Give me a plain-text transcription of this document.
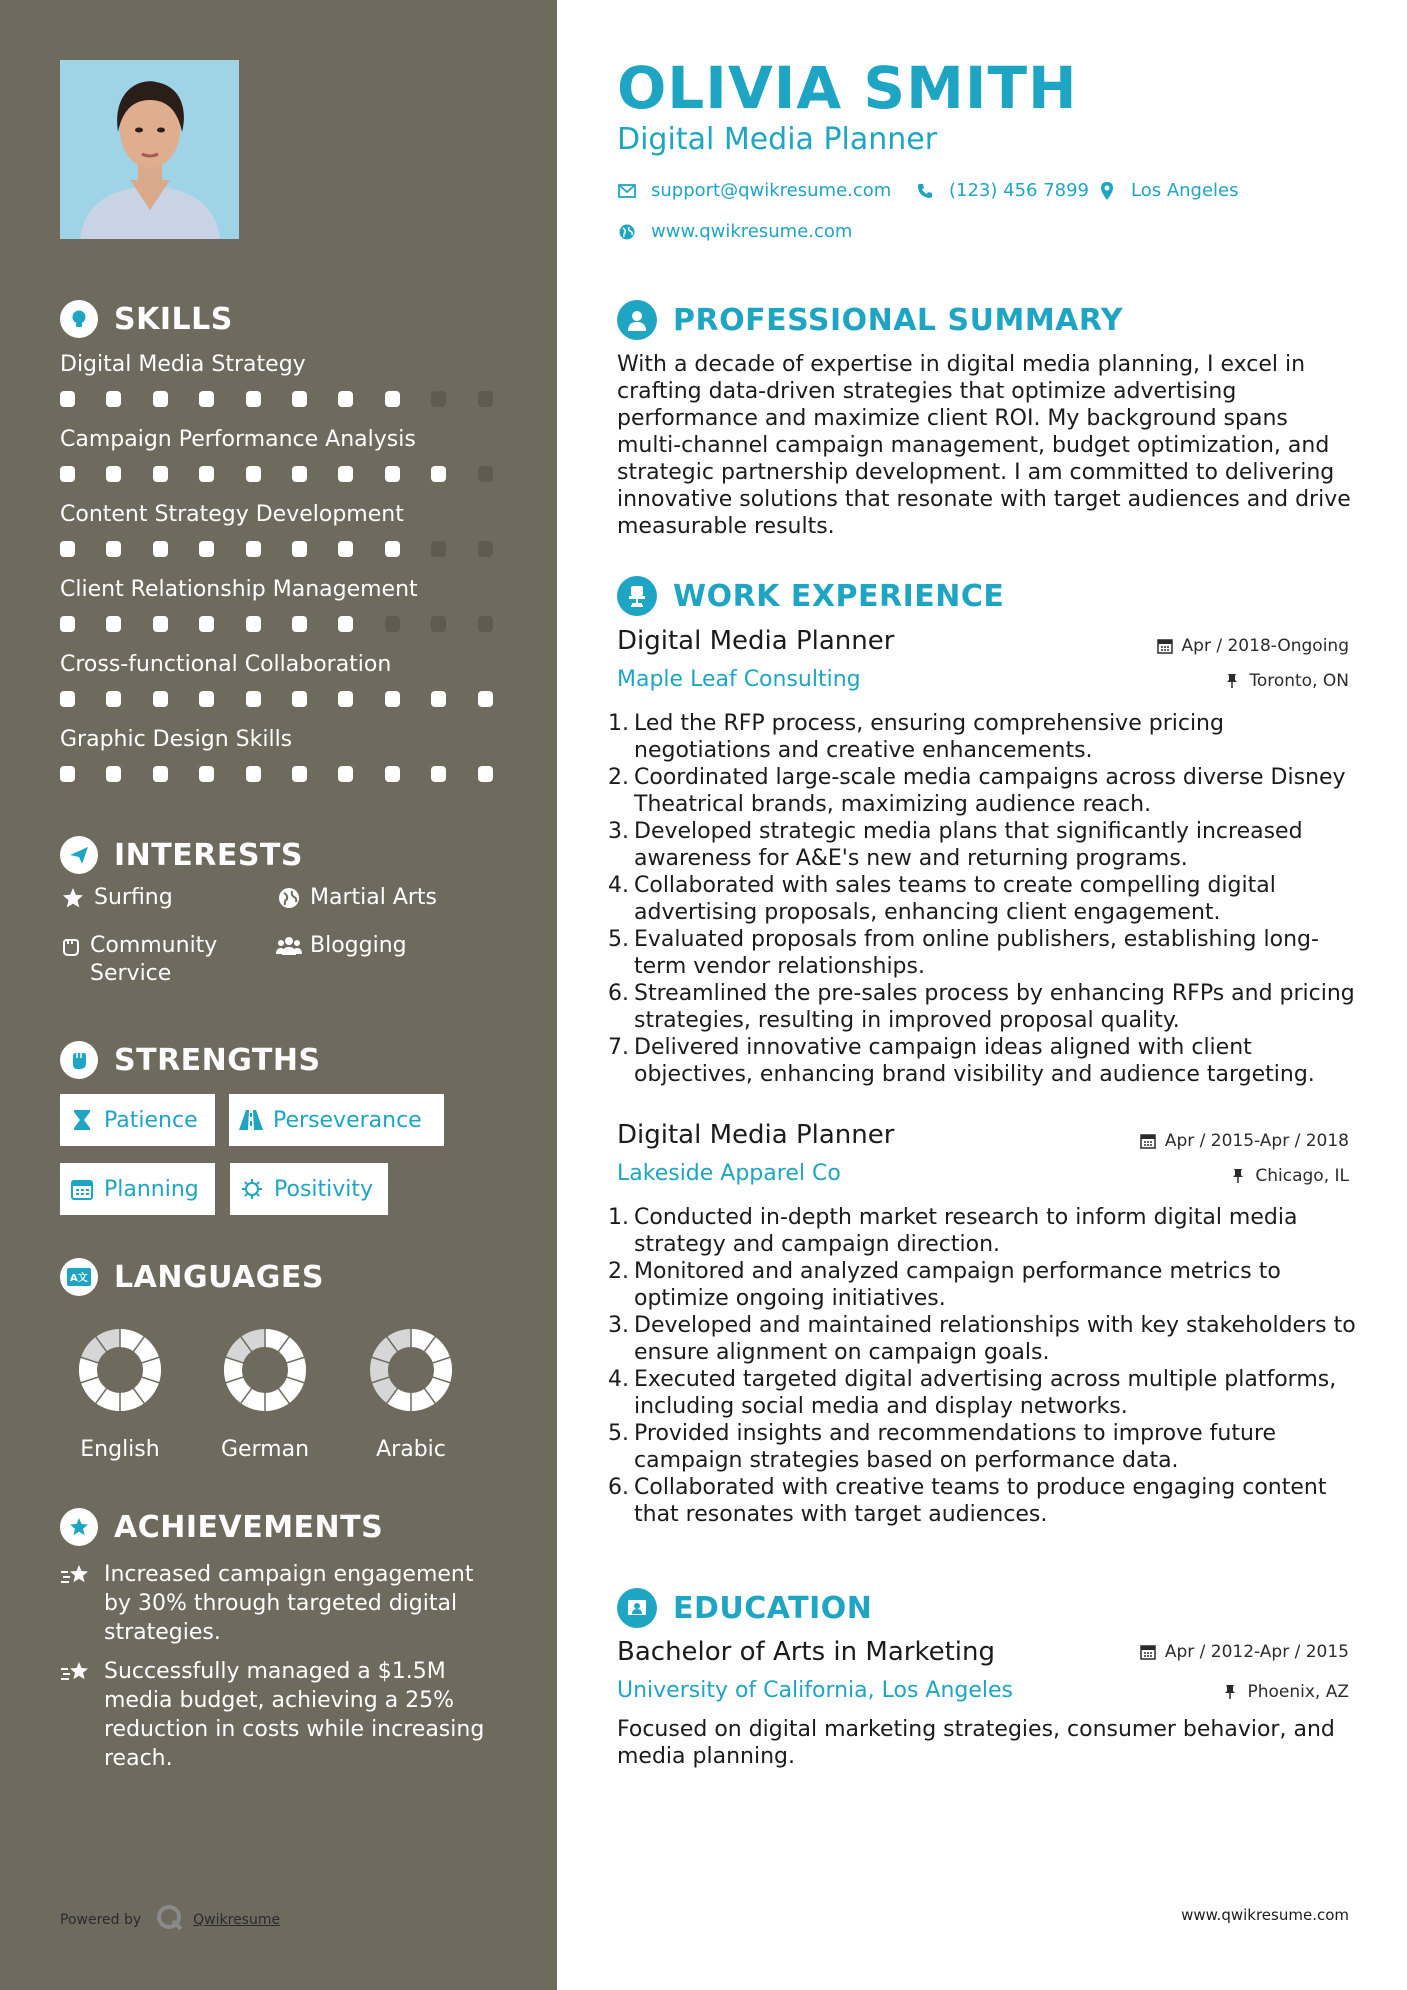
SKILLS
Digital Media Strategy
Campaign Performance Analysis
Content Strategy Development
Client Relationship Management
Cross-functional Collaboration
Graphic Design Skills
INTERESTS
Surfing	Martial Arts
Community Service
Blogging
STRENGTHS
Patience	Perseverance
Planning	Positivity
A文 LANGUAGES
English	German	Arabic
ACHIEVEMENTS
Increased campaign engagement by 30% through targeted digital strategies.
Successfully managed a $1.5M media budget, achieving a 25% reduction in costs while increasing reach.
Powered by	Qwikresume
OLIVIA SMITH
Digital Media Planner
support@qwikresume.com	(123) 456 7899 Los Angeles
www.qwikresume.com
PROFESSIONAL SUMMARY
With a decade of expertise in digital media planning, I excel in crafting data-driven strategies that optimize advertising performance and maximize client ROI. My background spans multi-channel campaign management, budget optimization, and strategic partnership development. I am committed to delivering innovative solutions that resonate with target audiences and drive measurable results.
WORK EXPERIENCE
Digital Media Planner	Apr / 2018-Ongoing
Maple Leaf Consulting	Toronto, ON
1. Led the RFP process, ensuring comprehensive pricing negotiations and creative enhancements.
2. Coordinated large-scale media campaigns across diverse Disney Theatrical brands, maximizing audience reach.
3. Developed strategic media plans that significantly increased awareness for A&E's new and returning programs.
4. Collaborated with sales teams to create compelling digital advertising proposals, enhancing client engagement.
5. Evaluated proposals from online publishers, establishing long-term vendor relationships.
6. Streamlined the pre-sales process by enhancing RFPs and pricing strategies, resulting in improved proposal quality.
7. Delivered innovative campaign ideas aligned with client objectives, enhancing brand visibility and audience targeting.
Digital Media Planner	Apr / 2015-Apr / 2018
Lakeside Apparel Co	Chicago, IL
1. Conducted in-depth market research to inform digital media strategy and campaign direction.
2. Monitored and analyzed campaign performance metrics to optimize ongoing initiatives.
3. Developed and maintained relationships with key stakeholders to ensure alignment on campaign goals.
4. Executed targeted digital advertising across multiple platforms, including social media and display networks.
5. Provided insights and recommendations to improve future campaign strategies based on performance data.
6. Collaborated with creative teams to produce engaging content that resonates with target audiences.
EDUCATION
Bachelor of Arts in Marketing	Apr / 2012-Apr / 2015
University of California, Los Angeles	Phoenix, AZ
Focused on digital marketing strategies, consumer behavior, and media planning.
www.qwikresume.com
